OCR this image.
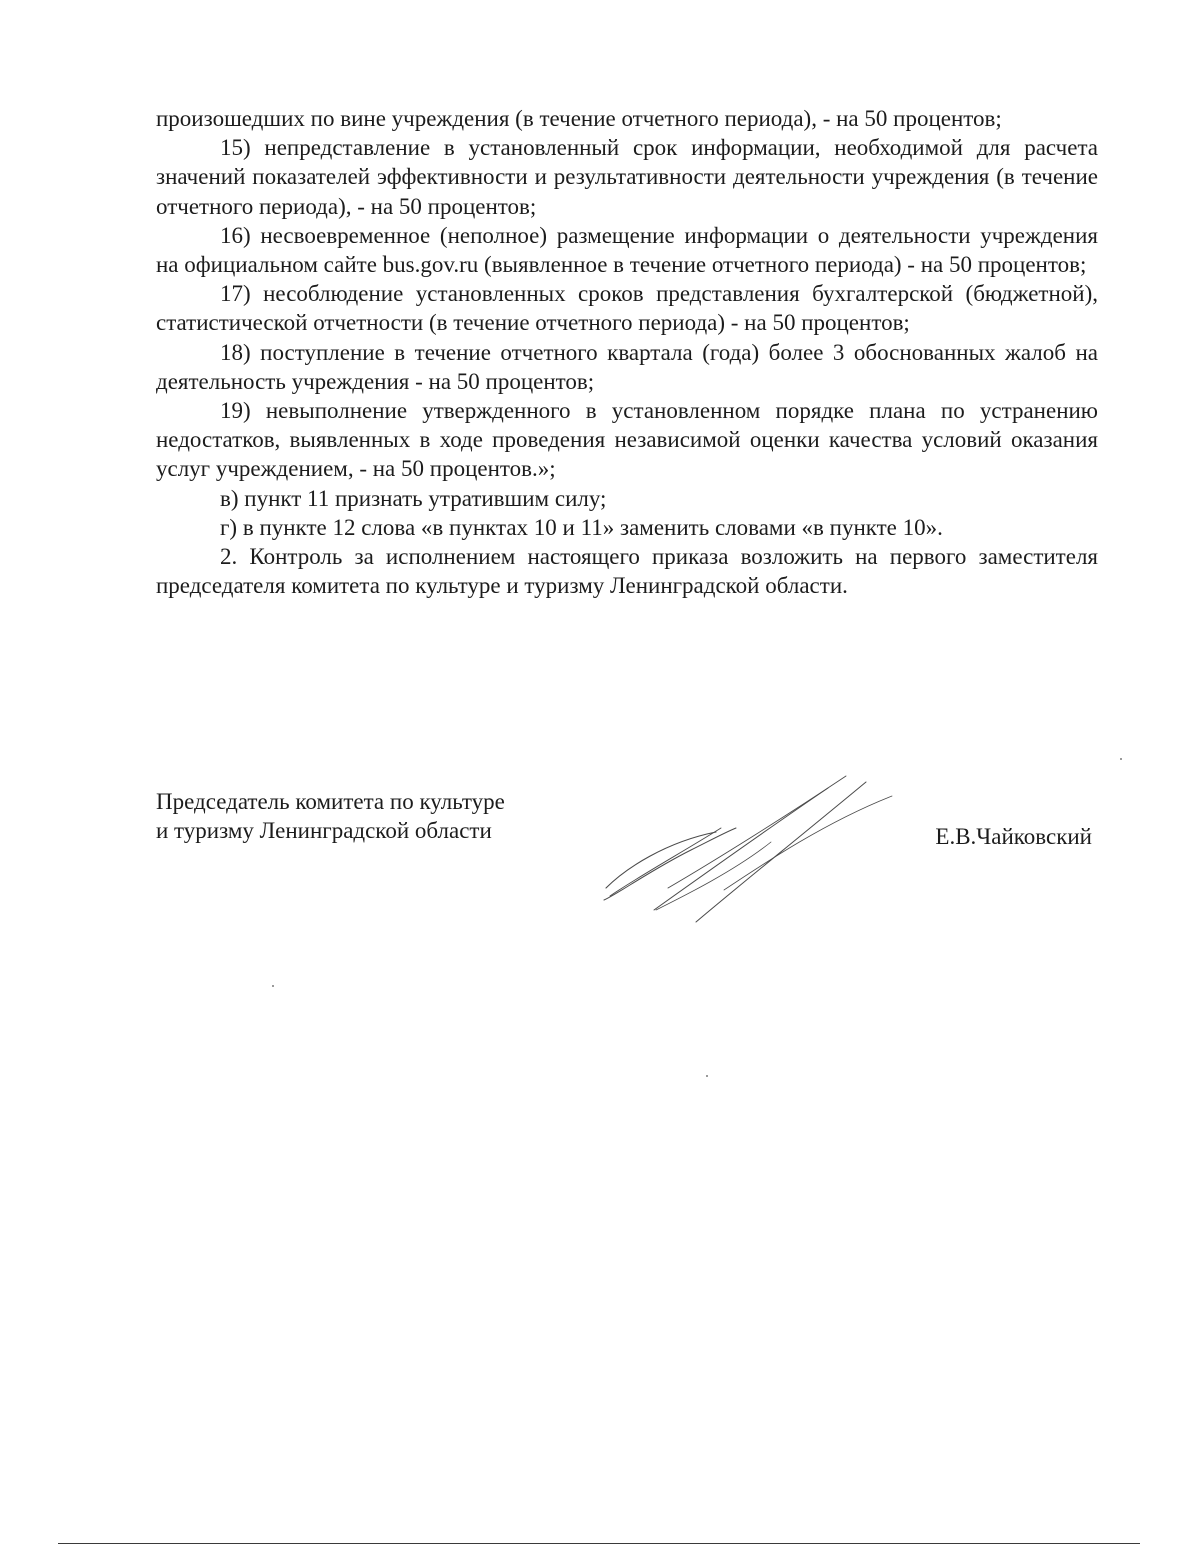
произошедших по вине учреждения (в течение отчетного периода), - на 50 процентов;

15) непредставление в установленный срок информации, необходимой для расчета значений показателей эффективности и результативности деятельности учреждения (в течение отчетного периода), - на 50 процентов;

16) несвоевременное (неполное) размещение информации о деятельности учреждения на официальном сайте bus.gov.ru (выявленное в течение отчетного периода) - на 50 процентов;

17) несоблюдение установленных сроков представления бухгалтерской (бюджетной), статистической отчетности (в течение отчетного периода) - на 50 процентов;

18) поступление в течение отчетного квартала (года) более 3 обоснованных жалоб на деятельность учреждения - на 50 процентов;

19) невыполнение утвержденного в установленном порядке плана по устранению недостатков, выявленных в ходе проведения независимой оценки качества условий оказания услуг учреждением, - на 50 процентов.»;

в) пункт 11 признать утратившим силу;

г) в пункте 12 слова «в пунктах 10 и 11» заменить словами «в пункте 10».

2. Контроль за исполнением настоящего приказа возложить на первого заместителя председателя комитета по культуре и туризму Ленинградской области.

Председатель комитета по культуре
и туризму Ленинградской области	Е.В.Чайковский
